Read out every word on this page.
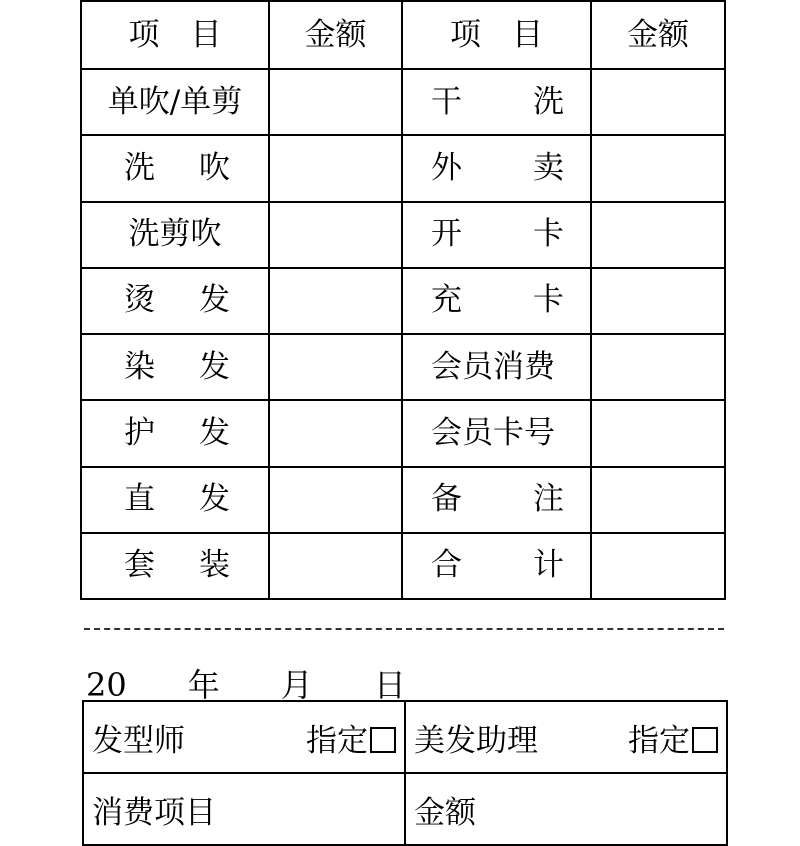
项　目	金额	项　目	金额

单吹/单剪		干 洗	

洗 吹		外 卖	

洗剪吹		开 卡	

烫 发		充 卡	

染 发		会员消费	

护 发		会员卡号	

直 发		备 注	

套 装		合 计	

20 年 月 日
发型师 指定	美发助理 指定

消费项目	金额
